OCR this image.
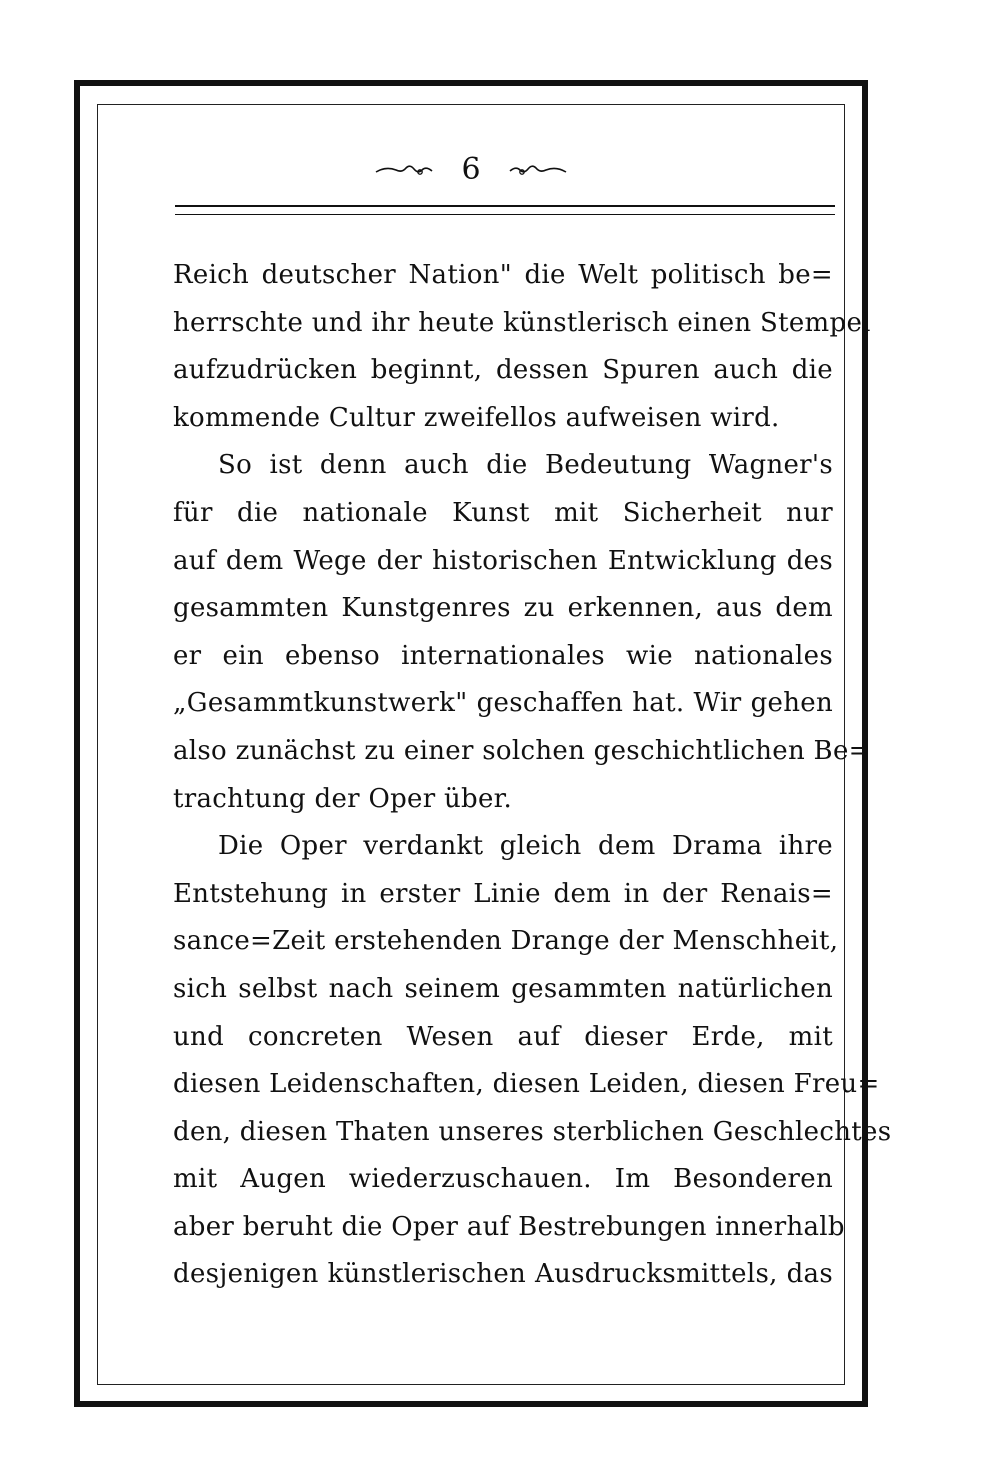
6
Reich deutscher Nation" die Welt politisch be=
herrschte und ihr heute künstlerisch einen Stempel
aufzudrücken beginnt, dessen Spuren auch die
kommende Cultur zweifellos aufweisen wird.
So ist denn auch die Bedeutung Wagner's
für die nationale Kunst mit Sicherheit nur
auf dem Wege der historischen Entwicklung des
gesammten Kunstgenres zu erkennen, aus dem
er ein ebenso internationales wie nationales
„Gesammtkunstwerk" geschaffen hat. Wir gehen
also zunächst zu einer solchen geschichtlichen Be=
trachtung der Oper über.
Die Oper verdankt gleich dem Drama ihre
Entstehung in erster Linie dem in der Renais=
sance=Zeit erstehenden Drange der Menschheit,
sich selbst nach seinem gesammten natürlichen
und concreten Wesen auf dieser Erde, mit
diesen Leidenschaften, diesen Leiden, diesen Freu=
den, diesen Thaten unseres sterblichen Geschlechtes
mit Augen wiederzuschauen. Im Besonderen
aber beruht die Oper auf Bestrebungen innerhalb
desjenigen künstlerischen Ausdrucksmittels, das
